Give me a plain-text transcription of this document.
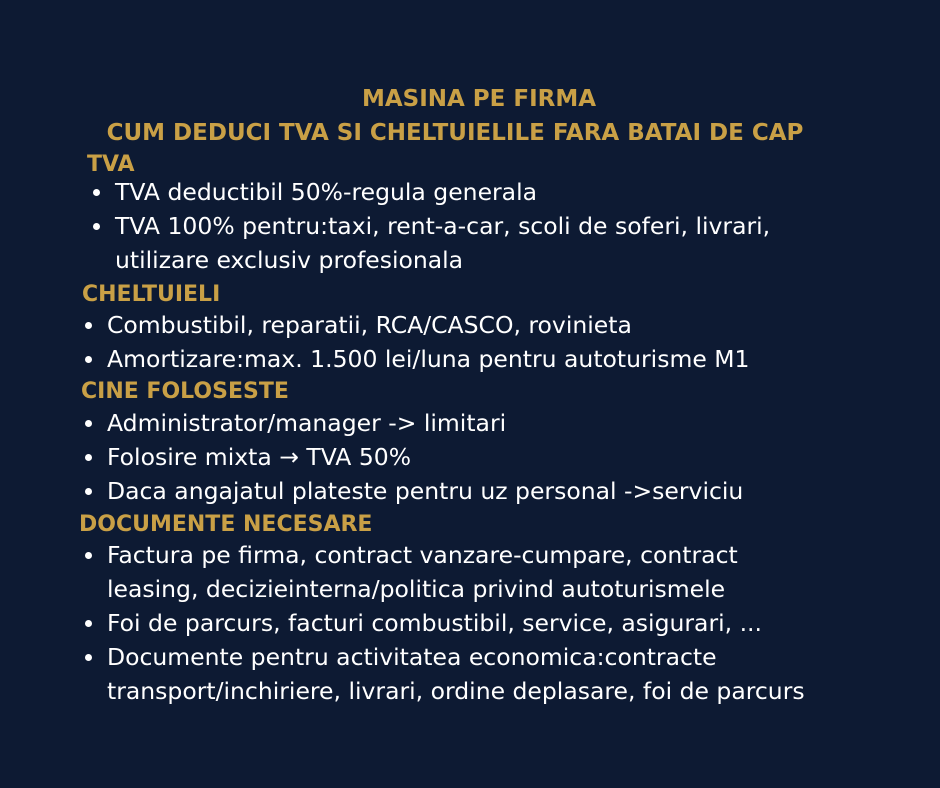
MASINA PE FIRMA
CUM DEDUCI TVA SI CHELTUIELILE FARA BATAI DE CAP
TVA
TVA deductibil 50%-regula generala
TVA 100% pentru:taxi, rent-a-car, scoli de soferi, livrari,
utilizare exclusiv profesionala
CHELTUIELI
Combustibil, reparatii, RCA/CASCO, rovinieta
Amortizare:max. 1.500 lei/luna pentru autoturisme M1
CINE FOLOSESTE
Administrator/manager -> limitari
Folosire mixta → TVA 50%
Daca angajatul plateste pentru uz personal ->serviciu
DOCUMENTE NECESARE
Factura pe firma, contract vanzare-cumpare, contract
leasing, decizieinterna/politica privind autoturismele
Foi de parcurs, facturi combustibil, service, asigurari, ...
Documente pentru activitatea economica:contracte
transport/inchiriere, livrari, ordine deplasare, foi de parcurs
